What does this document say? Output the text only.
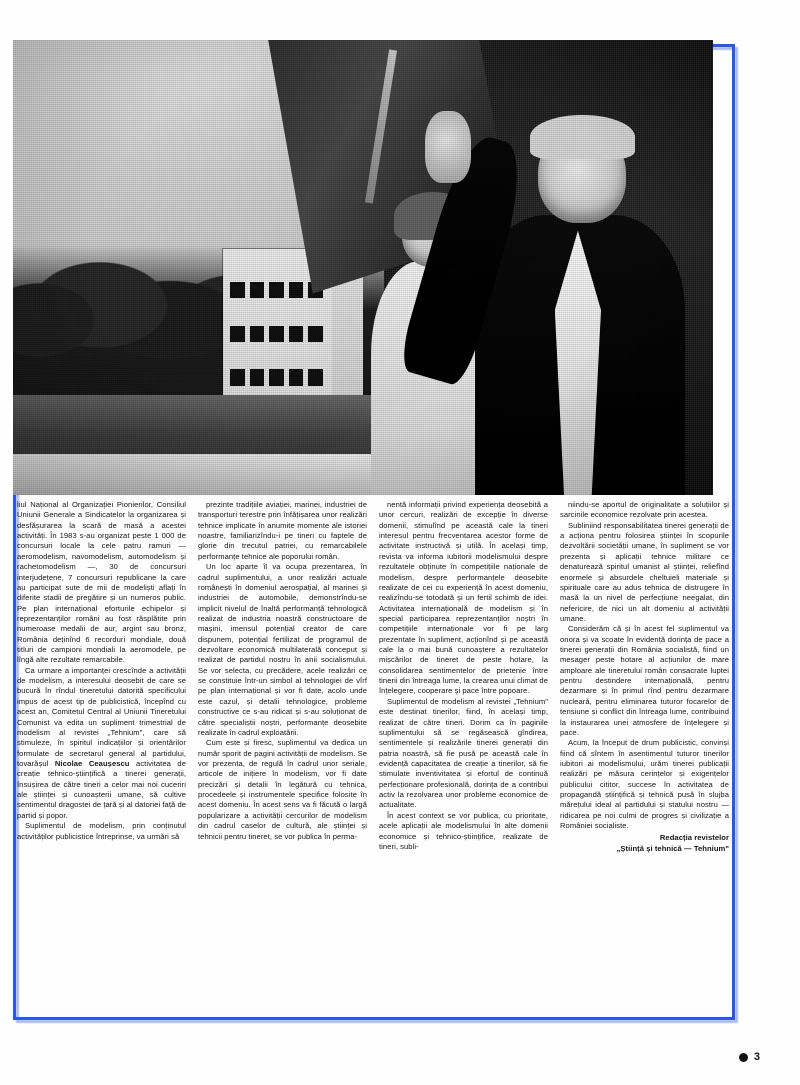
liul Național al Organizației Pionierilor, Consiliul Uniunii Generale a Sindicatelor la organizarea și desfășurarea la scară de masă a acestei activități. În 1983 s-au organizat peste 1 000 de concursuri locale la cele patru ramuri — aeromodelism, navomodelism, automodelism și rachetomodelism —, 30 de concursuri interjudețene, 7 concursuri republicane la care au participat sute de mii de modeliști aflați în diferite stadii de pregătire și un numeros public. Pe plan internațional eforturile echipelor și reprezentanților români au fost răsplătite prin numeroase medalii de aur, argint sau bronz, România deținînd 6 recorduri mondiale, două titluri de campioni mondiali la aeromodele, pe lîngă alte rezultate remarcabile.

Ca urmare a importanței crescînde a activității de modelism, a interesului deosebit de care se bucură în rîndul tineretului datorită specificului impus de acest tip de publicistică, începînd cu acest an, Comitetul Central al Uniunii Tineretului Comunist va edita un supliment trimestrial de modelism al revistei „Tehnium", care să stimuleze, în spiritul indicațiilor și orientărilor formulate de secretarul general al partidului, tovarășul Nicolae Ceaușescu activitatea de creație tehnico-științifică a tinerei generații, însușirea de către tineri a celor mai noi cuceriri ale științei și cunoașterii umane, să cultive sentimentul dragostei de țară și al datoriei față de partid și popor.

Suplimentul de modelism, prin conținutul activităților publicistice întreprinse, va urmări să

prezinte tradițiile aviației, marinei, industriei de transporturi terestre prin înfățișarea unor realizări tehnice implicate în anumite momente ale istoriei noastre, familiarizîndu-i pe tineri cu faptele de glorie din trecutul patriei, cu remarcabilele performanțe tehnice ale poporului român.

Un loc aparte îl va ocupa prezentarea, în cadrul suplimentului, a unor realizări actuale românești în domeniul aerospațial, al marinei și industriei de automobile, demonstrîndu-se implicit nivelul de înaltă performanță tehnologică realizat de industria noastră constructoare de mașini, imensul potențial creator de care dispunem, potențial fertilizat de programul de dezvoltare economică multilaterală conceput și realizat de partidul nostru în anii socialismului. Se vor selecta, cu precădere, acele realizări ce se constituie într-un simbol al tehnologiei de vîrf pe plan internațional și vor fi date, acolo unde este cazul, și detalii tehnologice, probleme constructive ce s-au ridicat și s-au soluționat de către specialiștii noștri, performanțe deosebite realizate în cadrul exploatării.

Cum este și firesc, suplimentul va dedica un număr sporit de pagini activității de modelism. Se vor prezenta, de regulă în cadrul unor seriale, articole de inițiere în modelism, vor fi date precizări și detalii în legătură cu tehnica, procedeele și instrumentele specifice folosite în acest domeniu. În acest sens va fi făcută o largă popularizare a activității cercurilor de modelism din cadrul caselor de cultură, ale științei și tehnicii pentru tineret, se vor publica în perma-

nentă informații privind experiența deosebită a unor cercuri, realizări de excepție în diverse domenii, stimulînd pe această cale la tineri interesul pentru frecventarea acestor forme de activitate instructivă și utilă. În același timp, revista va informa iubitorii modelismului despre rezultatele obținute în competițiile naționale de modelism, despre performanțele deosebite realizate de cei cu experiență în acest domeniu, realizîndu-se totodată și un fertil schimb de idei. Activitatea internațională de modelism și în special participarea reprezentanților noștri în competițiile internaționale vor fi pe larg prezentate în supliment, acționînd și pe această cale la o mai bună cunoaștere a rezultatelor mișcărilor de tineret de peste hotare, la consolidarea sentimentelor de prietenie între tinerii din întreaga lume, la crearea unui climat de înțelegere, cooperare și pace între popoare.

Suplimentul de modelism al revistei „Tehnium" este destinat tinerilor, fiind, în același timp, realizat de către tineri. Dorim ca în paginile suplimentului să se regăsească gîndirea, sentimentele și realizările tinerei generații din patria noastră, să fie pusă pe această cale în evidență capacitatea de creație a tinerilor, să fie stimulate inventivitatea și efortul de continuă perfecționare profesională, dorința de a contribui activ la rezolvarea unor probleme economice de actualitate.

În acest context se vor publica, cu prioritate, acele aplicații ale modelismului în alte domenii economice și tehnico-științifice, realizate de tineri, subli-

niindu-se aportul de originalitate a soluțiilor și sarcinile economice rezolvate prin acestea.

Subliniind responsabilitatea tinerei generații de a acționa pentru folosirea științei în scopurile dezvoltării societății umane, în supliment se vor prezenta și aplicații tehnice militare ce denaturează spiritul umanist al științei, reliefînd enormele și absurdele cheltuieli materiale și spirituale care au adus tehnica de distrugere în masă la un nivel de perfecțiune neegalat, din nefericire, de nici un alt domeniu al activității umane.

Considerăm că și în acest fel suplimentul va onora și va scoate în evidență dorința de pace a tinerei generații din România socialistă, fiind un mesager peste hotare al acțiunilor de mare amploare ale tineretului român consacrate luptei pentru destindere internațională, pentru dezarmare și în primul rînd pentru dezarmare nucleară, pentru eliminarea tuturor focarelor de tensiune și conflict din întreaga lume, contribuind la instaurarea unei atmosfere de înțelegere și pace.

Acum, la început de drum publicistic, convinși fiind că sîntem în asentimentul tuturor tinerilor iubitori ai modelismului, urăm tinerei publicații realizări pe măsura cerințelor și exigențelor publicului cititor, succese în activitatea de propagandă științifică și tehnică pusă în slujba mărețului ideal al partidului și statului nostru — ridicarea pe noi culmi de progres și civilizație a României socialiste.

Redacția revistelor
„Știință și tehnică — Tehnium"

3
